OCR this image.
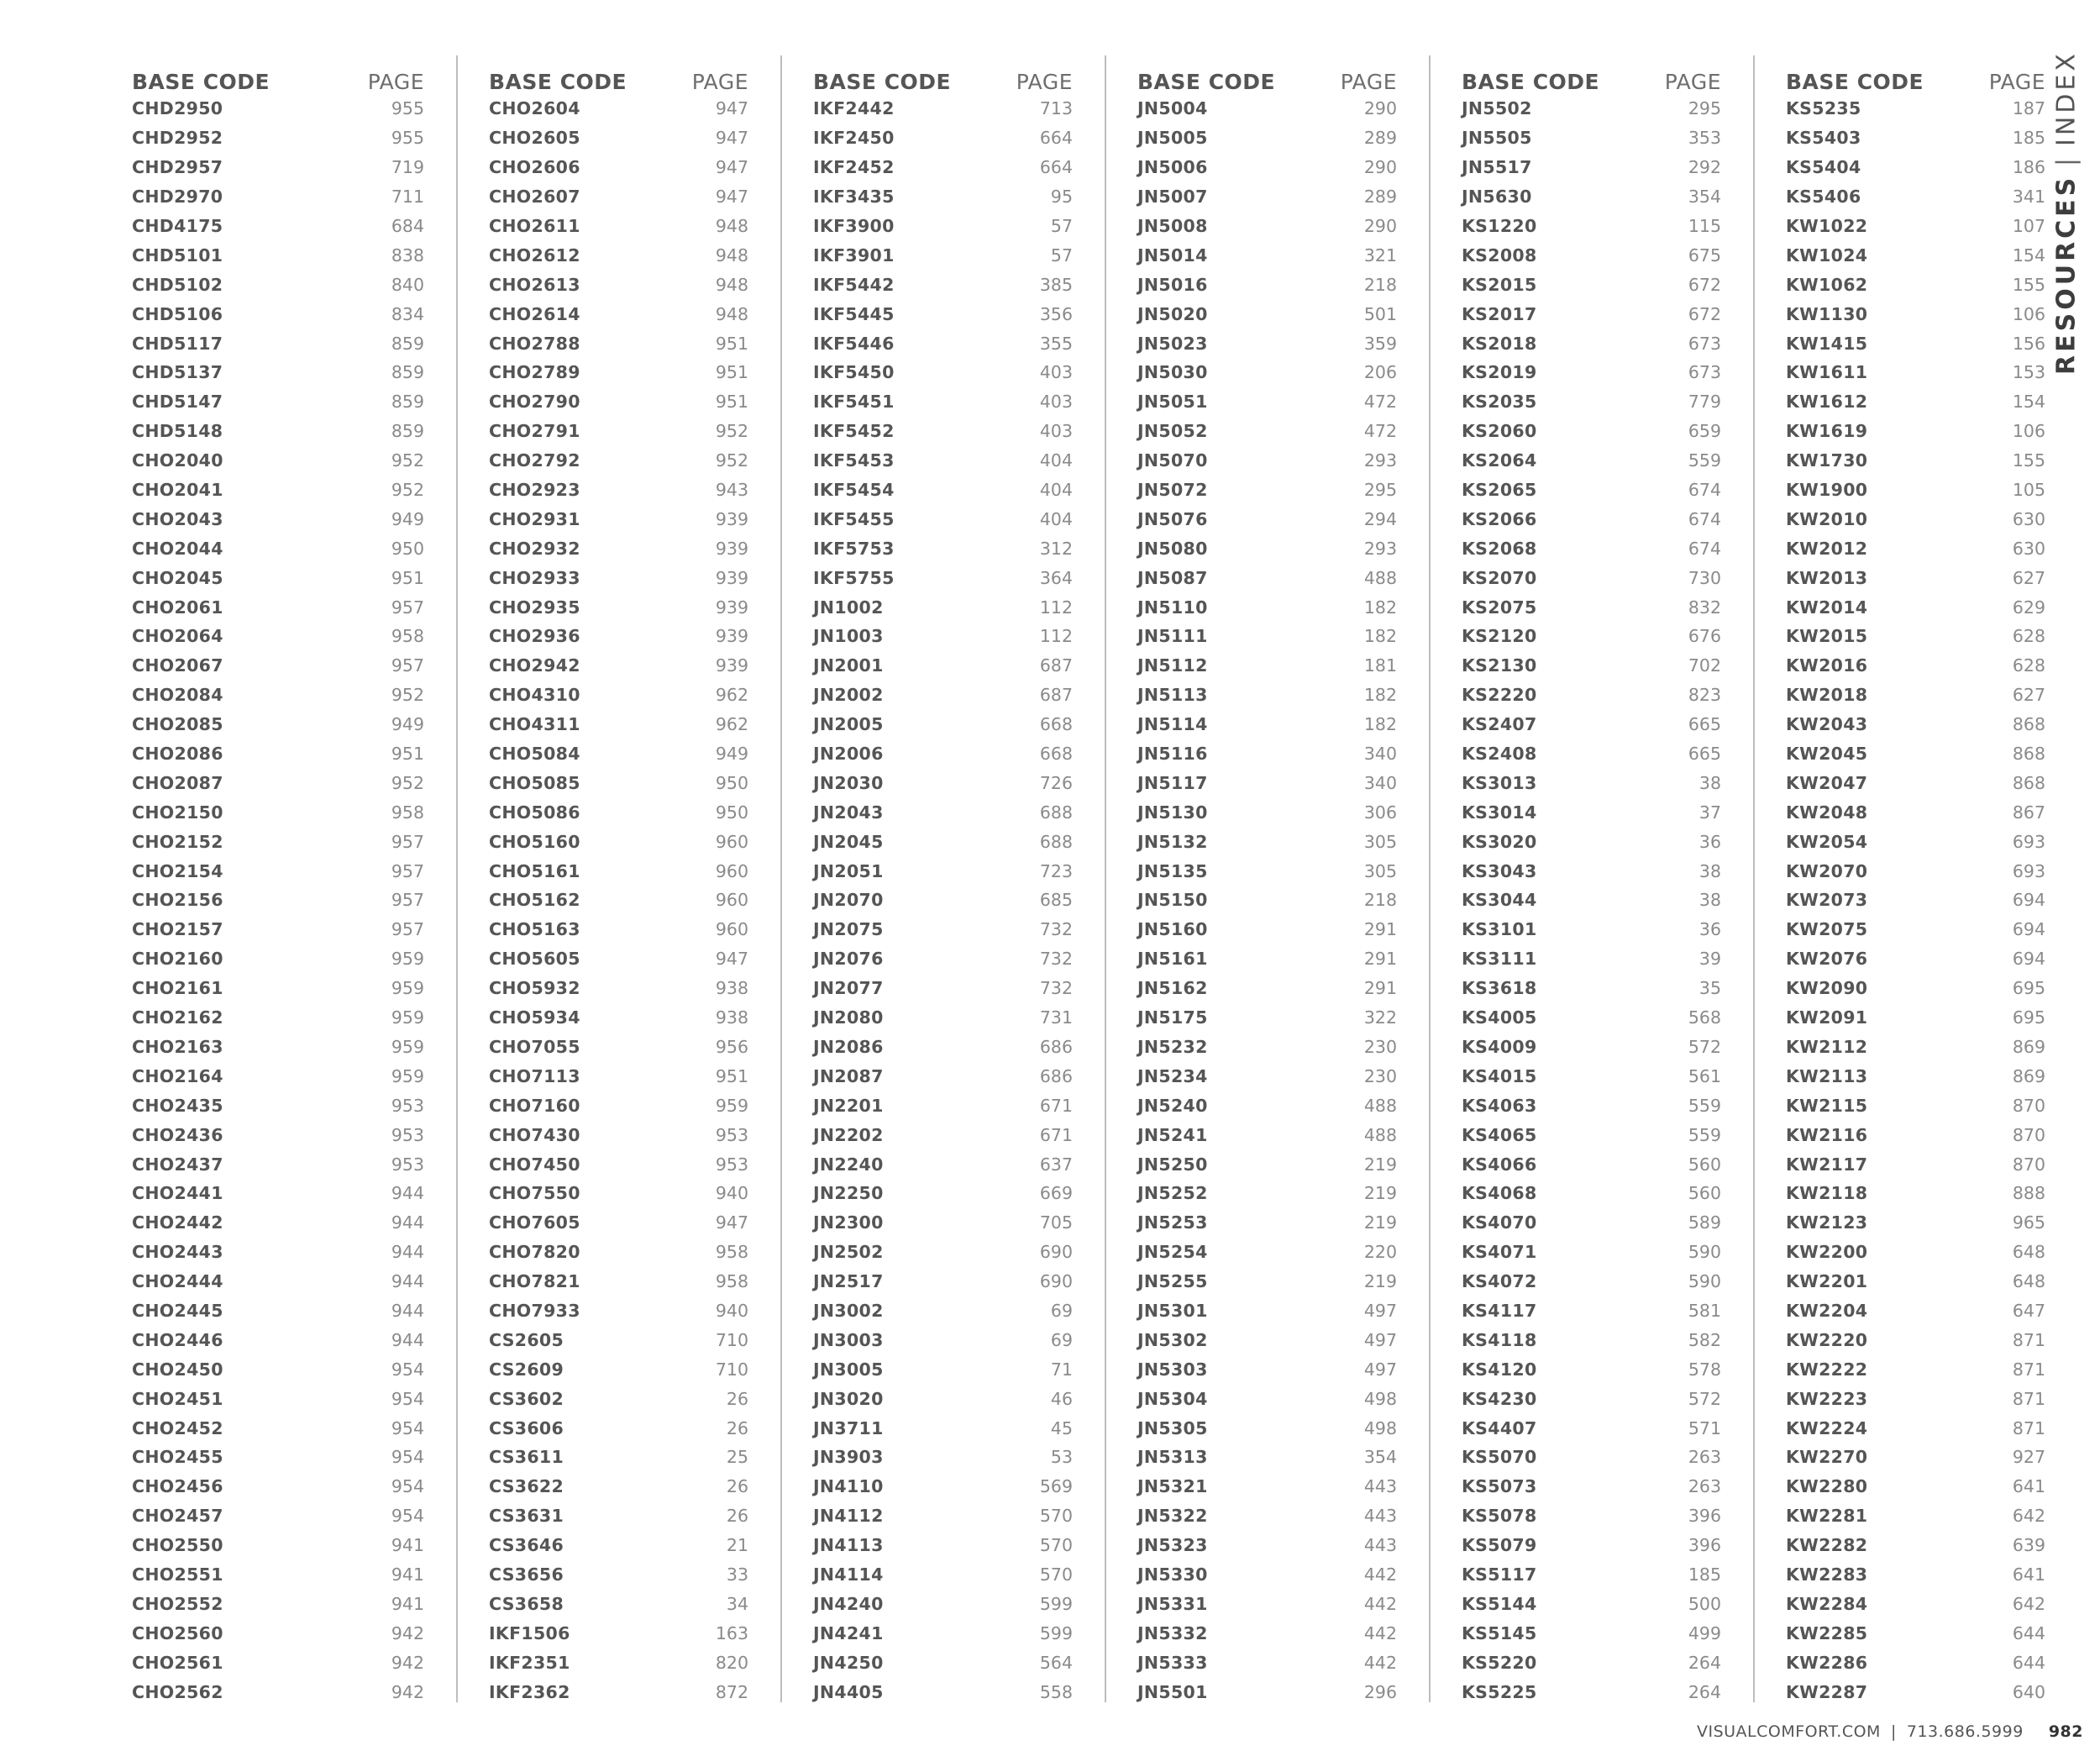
BASE CODE	PAGE
CHD2950	955
CHD2952	955
CHD2957	719
CHD2970	711
CHD4175	684
CHD5101	838
CHD5102	840
CHD5106	834
CHD5117	859
CHD5137	859
CHD5147	859
CHD5148	859
CHO2040	952
CHO2041	952
CHO2043	949
CHO2044	950
CHO2045	951
CHO2061	957
CHO2064	958
CHO2067	957
CHO2084	952
CHO2085	949
CHO2086	951
CHO2087	952
CHO2150	958
CHO2152	957
CHO2154	957
CHO2156	957
CHO2157	957
CHO2160	959
CHO2161	959
CHO2162	959
CHO2163	959
CHO2164	959
CHO2435	953
CHO2436	953
CHO2437	953
CHO2441	944
CHO2442	944
CHO2443	944
CHO2444	944
CHO2445	944
CHO2446	944
CHO2450	954
CHO2451	954
CHO2452	954
CHO2455	954
CHO2456	954
CHO2457	954
CHO2550	941
CHO2551	941
CHO2552	941
CHO2560	942
CHO2561	942
CHO2562	942
BASE CODE	PAGE
CHO2604	947
CHO2605	947
CHO2606	947
CHO2607	947
CHO2611	948
CHO2612	948
CHO2613	948
CHO2614	948
CHO2788	951
CHO2789	951
CHO2790	951
CHO2791	952
CHO2792	952
CHO2923	943
CHO2931	939
CHO2932	939
CHO2933	939
CHO2935	939
CHO2936	939
CHO2942	939
CHO4310	962
CHO4311	962
CHO5084	949
CHO5085	950
CHO5086	950
CHO5160	960
CHO5161	960
CHO5162	960
CHO5163	960
CHO5605	947
CHO5932	938
CHO5934	938
CHO7055	956
CHO7113	951
CHO7160	959
CHO7430	953
CHO7450	953
CHO7550	940
CHO7605	947
CHO7820	958
CHO7821	958
CHO7933	940
CS2605	710
CS2609	710
CS3602	26
CS3606	26
CS3611	25
CS3622	26
CS3631	26
CS3646	21
CS3656	33
CS3658	34
IKF1506	163
IKF2351	820
IKF2362	872
BASE CODE	PAGE
IKF2442	713
IKF2450	664
IKF2452	664
IKF3435	95
IKF3900	57
IKF3901	57
IKF5442	385
IKF5445	356
IKF5446	355
IKF5450	403
IKF5451	403
IKF5452	403
IKF5453	404
IKF5454	404
IKF5455	404
IKF5753	312
IKF5755	364
JN1002	112
JN1003	112
JN2001	687
JN2002	687
JN2005	668
JN2006	668
JN2030	726
JN2043	688
JN2045	688
JN2051	723
JN2070	685
JN2075	732
JN2076	732
JN2077	732
JN2080	731
JN2086	686
JN2087	686
JN2201	671
JN2202	671
JN2240	637
JN2250	669
JN2300	705
JN2502	690
JN2517	690
JN3002	69
JN3003	69
JN3005	71
JN3020	46
JN3711	45
JN3903	53
JN4110	569
JN4112	570
JN4113	570
JN4114	570
JN4240	599
JN4241	599
JN4250	564
JN4405	558
BASE CODE	PAGE
JN5004	290
JN5005	289
JN5006	290
JN5007	289
JN5008	290
JN5014	321
JN5016	218
JN5020	501
JN5023	359
JN5030	206
JN5051	472
JN5052	472
JN5070	293
JN5072	295
JN5076	294
JN5080	293
JN5087	488
JN5110	182
JN5111	182
JN5112	181
JN5113	182
JN5114	182
JN5116	340
JN5117	340
JN5130	306
JN5132	305
JN5135	305
JN5150	218
JN5160	291
JN5161	291
JN5162	291
JN5175	322
JN5232	230
JN5234	230
JN5240	488
JN5241	488
JN5250	219
JN5252	219
JN5253	219
JN5254	220
JN5255	219
JN5301	497
JN5302	497
JN5303	497
JN5304	498
JN5305	498
JN5313	354
JN5321	443
JN5322	443
JN5323	443
JN5330	442
JN5331	442
JN5332	442
JN5333	442
JN5501	296
BASE CODE	PAGE
JN5502	295
JN5505	353
JN5517	292
JN5630	354
KS1220	115
KS2008	675
KS2015	672
KS2017	672
KS2018	673
KS2019	673
KS2035	779
KS2060	659
KS2064	559
KS2065	674
KS2066	674
KS2068	674
KS2070	730
KS2075	832
KS2120	676
KS2130	702
KS2220	823
KS2407	665
KS2408	665
KS3013	38
KS3014	37
KS3020	36
KS3043	38
KS3044	38
KS3101	36
KS3111	39
KS3618	35
KS4005	568
KS4009	572
KS4015	561
KS4063	559
KS4065	559
KS4066	560
KS4068	560
KS4070	589
KS4071	590
KS4072	590
KS4117	581
KS4118	582
KS4120	578
KS4230	572
KS4407	571
KS5070	263
KS5073	263
KS5078	396
KS5079	396
KS5117	185
KS5144	500
KS5145	499
KS5220	264
KS5225	264
BASE CODE	PAGE
KS5235	187
KS5403	185
KS5404	186
KS5406	341
KW1022	107
KW1024	154
KW1062	155
KW1130	106
KW1415	156
KW1611	153
KW1612	154
KW1619	106
KW1730	155
KW1900	105
KW2010	630
KW2012	630
KW2013	627
KW2014	629
KW2015	628
KW2016	628
KW2018	627
KW2043	868
KW2045	868
KW2047	868
KW2048	867
KW2054	693
KW2070	693
KW2073	694
KW2075	694
KW2076	694
KW2090	695
KW2091	695
KW2112	869
KW2113	869
KW2115	870
KW2116	870
KW2117	870
KW2118	888
KW2123	965
KW2200	648
KW2201	648
KW2204	647
KW2220	871
KW2222	871
KW2223	871
KW2224	871
KW2270	927
KW2280	641
KW2281	642
KW2282	639
KW2283	641
KW2284	642
KW2285	644
KW2286	644
KW2287	640
RESOURCES
|
INDEX
VISUALCOMFORT.COM | 713.686.5999 982
